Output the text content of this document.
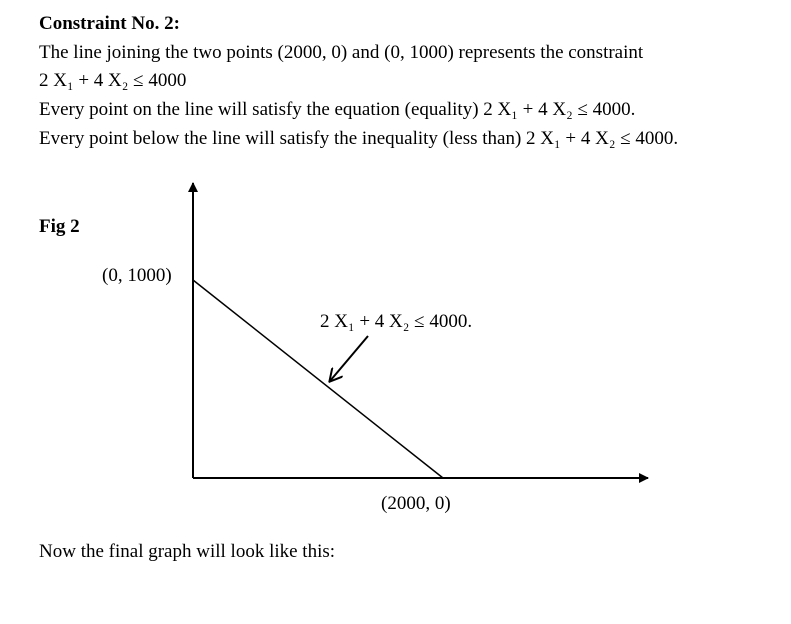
Constraint No. 2:
The line joining the two points (2000, 0) and (0, 1000) represents the constraint
2 X₁ + 4 X₂ ≤ 4000
Every point on the line will satisfy the equation (equality) 2 X₁ + 4 X₂ ≤ 4000.
Every point below the line will satisfy the inequality (less than) 2 X₁ + 4 X₂ ≤ 4000.
Fig 2
(0, 1000)
2 X₁ + 4 X₂ ≤ 4000.
(2000, 0)
Now the final graph will look like this:
